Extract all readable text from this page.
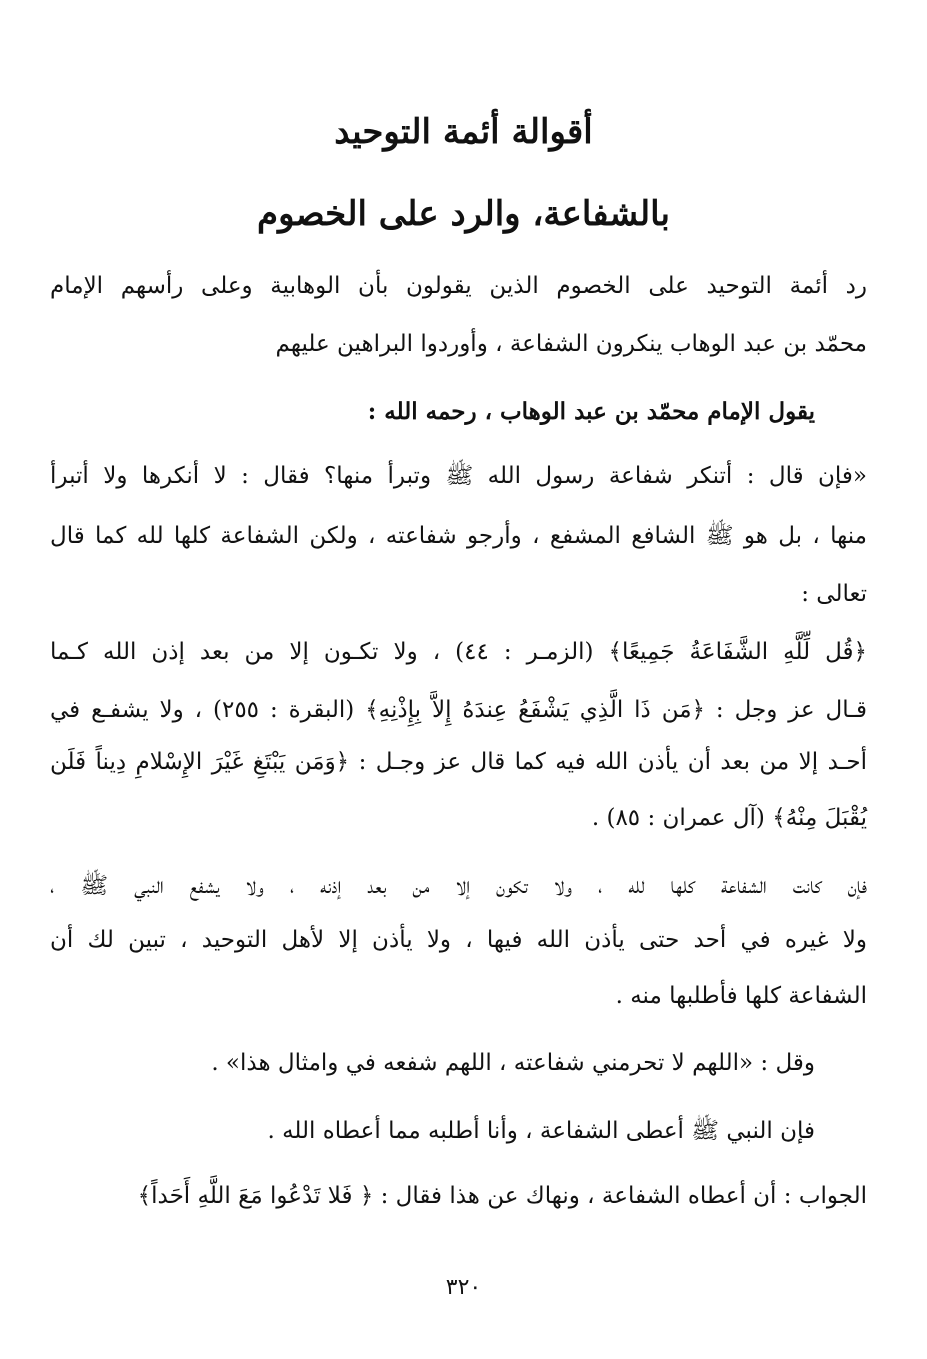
أقوالة أئمة التوحيد
بالشفاعة، والرد على الخصوم
رد أئمة التوحيد على الخصوم الذين يقولون بأن الوهابية وعلى رأسهم الإمام
محمّد بن عبد الوهاب ينكرون الشفاعة ، وأوردوا البراهين عليهم
يقول الإمام محمّد بن عبد الوهاب ، رحمه الله :
«فإن قال : أتنكر شفاعة رسول الله ﷺ وتبرأ منها؟ فقال : لا أنكرها ولا أتبرأ
منها ، بل هو ﷺ الشافع المشفع ، وأرجو شفاعته ، ولكن الشفاعة كلها لله كما قال
تعالى :
﴿قُل لِّلَّهِ الشَّفَاعَةُ جَمِيعًا﴾ (الزمـر : ٤٤) ، ولا تكـون إلا من بعد إذن الله كـما
قـال عز وجل : ﴿مَن ذَا الَّذِي يَشْفَعُ عِندَهُ إِلاَّ بِإِذْنِهِ﴾ (البقرة : ٢٥٥) ، ولا يشفـع في
أحـد إلا من بعد أن يأذن الله فيه كما قال عز وجـل : ﴿وَمَن يَبْتَغِ غَيْرَ الإِسْلامِ دِيناً فَلَن
يُقْبَلَ مِنْهُ﴾ (آل عمران : ٨٥) .
فإن كانت الشفاعة كلها لله ، ولا تكون إلا من بعد إذنه ، ولا يشفع النبي ﷺ ،
ولا غيره في أحد حتى يأذن الله فيها ، ولا يأذن إلا لأهل التوحيد ، تبين لك أن
الشفاعة كلها فأطلبها منه .
وقل : «اللهم لا تحرمني شفاعته ، اللهم شفعه في وامثال هذا» .
فإن النبي ﷺ أعطى الشفاعة ، وأنا أطلبه مما أعطاه الله .
الجواب : أن أعطاه الشفاعة ، ونهاك عن هذا فقال : ﴿ فَلا تَدْعُوا مَعَ اللَّهِ أَحَداً﴾
٣٢٠
